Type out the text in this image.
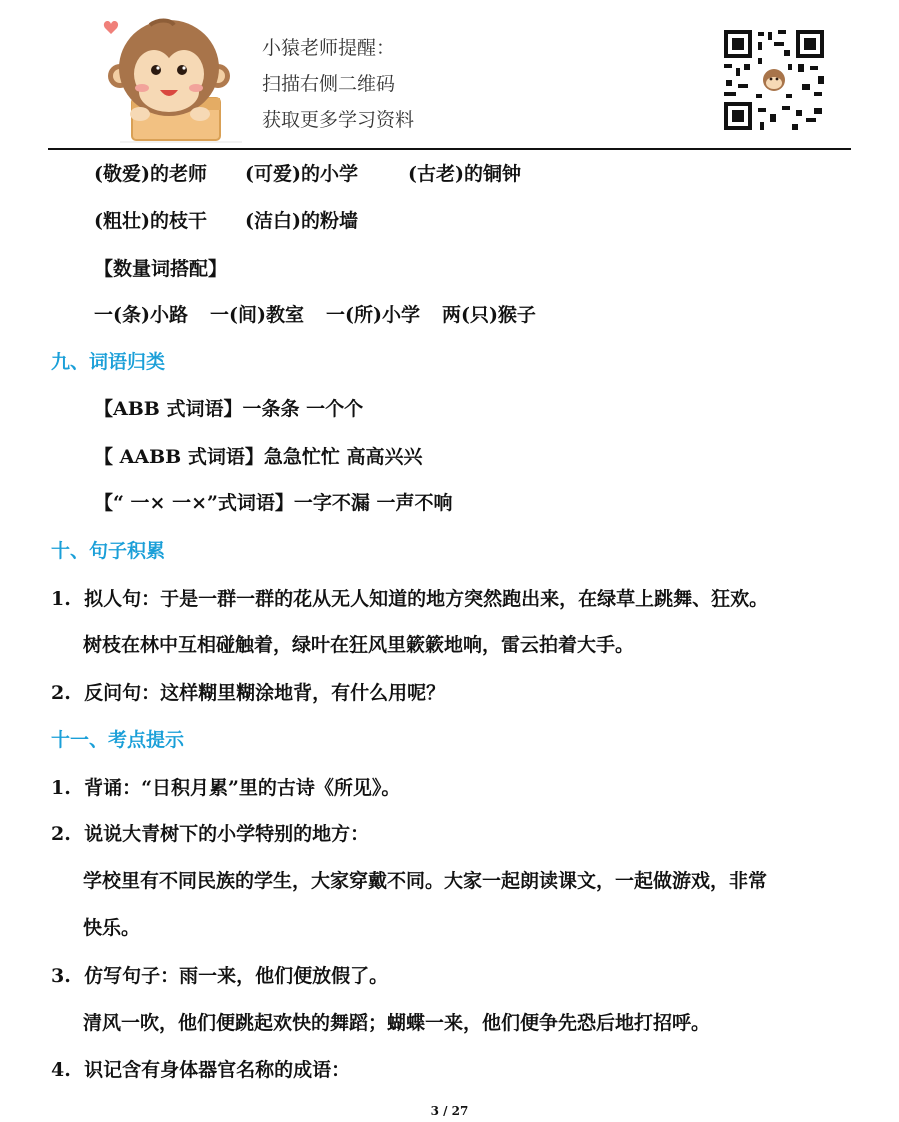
小猿老师提醒：
扫描右侧二维码
获取更多学习资料
(敬爱)的老师 (可爱)的小学	(古老)的铜钟
(粗壮)的枝干 (洁白)的粉墙
【数量词搭配】
一(条)小路 一(间)教室 一(所)小学 两(只)猴子
九、词语归类
【ABB 式词语】一条条 一个个
【 AABB 式词语】急急忙忙 高高兴兴
【“ 一× 一×”式词语】一字不漏 一声不响
十、句子积累
1. 拟人句：于是一群一群的花从无人知道的地方突然跑出来，在绿草上跳舞、狂欢。
树枝在林中互相碰触着，绿叶在狂风里簌簌地响，雷云拍着大手。
2. 反问句：这样糊里糊涂地背，有什么用呢？
十一、考点提示
1. 背诵：“日积月累”里的古诗《所见》。
2. 说说大青树下的小学特别的地方：
学校里有不同民族的学生，大家穿戴不同。大家一起朗读课文，一起做游戏，非常
快乐。
3. 仿写句子：雨一来，他们便放假了。
清风一吹，他们便跳起欢快的舞蹈；蝴蝶一来，他们便争先恐后地打招呼。
4. 识记含有身体器官名称的成语：
3 / 27
